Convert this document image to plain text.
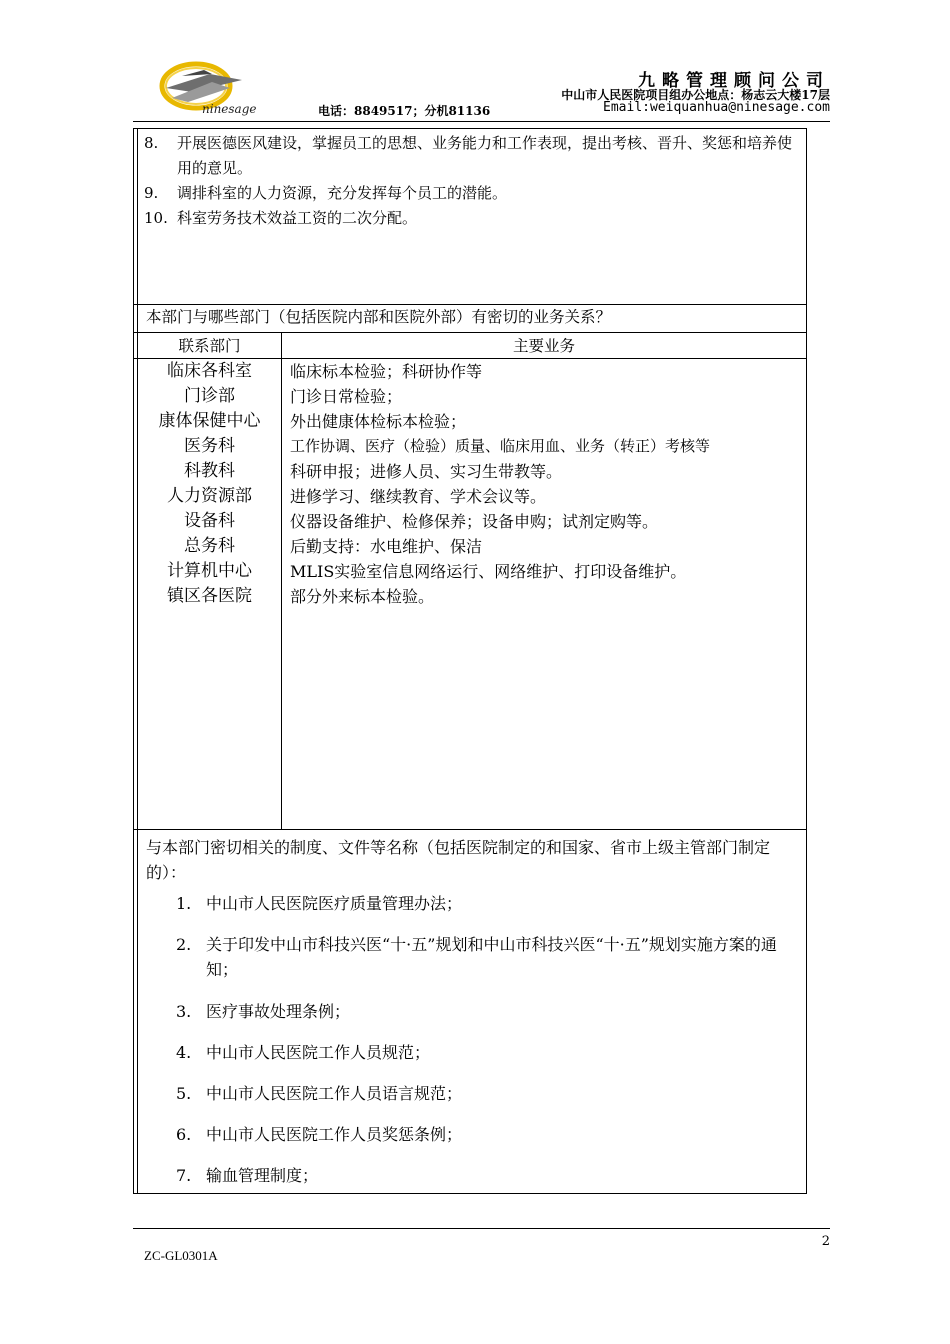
ninesage
九略管理顾问公司
中山市人民医院项目组办公地点：杨志云大楼17层
电话：8849517；分机81136	Email:weiquanhua@ninesage.com
8.	开展医德医风建设，掌握员工的思想、业务能力和工作表现，提出考核、晋升、奖惩和培养使用的意见。
9.	调排科室的人力资源，充分发挥每个员工的潜能。
10. 科室劳务技术效益工资的二次分配。
本部门与哪些部门（包括医院内部和医院外部）有密切的业务关系？
联系部门	主要业务
临床各科室	临床标本检验；科研协作等
门诊部	门诊日常检验；
康体保健中心	外出健康体检标本检验；
医务科	工作协调、医疗（检验）质量、临床用血、业务（转正）考核等
科教科	科研申报；进修人员、实习生带教等。
人力资源部	进修学习、继续教育、学术会议等。
设备科	仪器设备维护、检修保养；设备申购；试剂定购等。
总务科	后勤支持：水电维护、保洁
计算机中心	MLIS实验室信息网络运行、网络维护、打印设备维护。
镇区各医院	部分外来标本检验。
与本部门密切相关的制度、文件等名称（包括医院制定的和国家、省市上级主管部门制定的）：
1. 中山市人民医院医疗质量管理办法；
2. 关于印发中山市科技兴医“十·五”规划和中山市科技兴医“十·五”规划实施方案的通知；
3. 医疗事故处理条例；
4. 中山市人民医院工作人员规范；
5. 中山市人民医院工作人员语言规范；
6. 中山市人民医院工作人员奖惩条例；
7. 输血管理制度；
2
ZC-GL0301A
